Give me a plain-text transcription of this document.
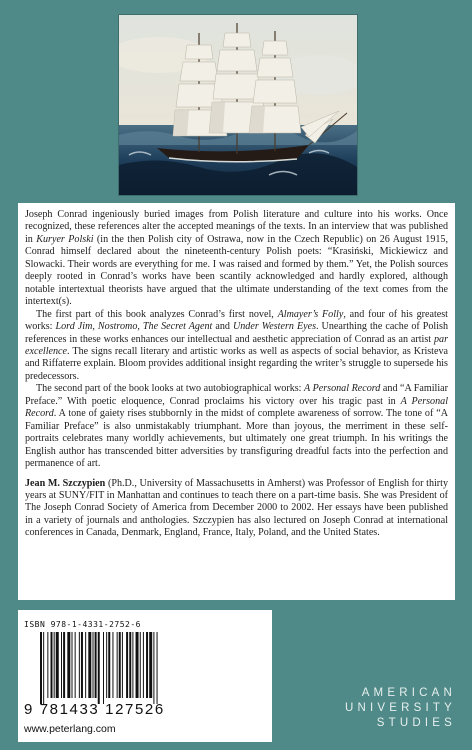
Joseph Conrad ingeniously buried images from Polish literature and culture into his works. Once recognized, these references alter the accepted meanings of the texts. In an interview that was published in Kuryer Polski (in the then Polish city of Ostrawa, now in the Czech Republic) on 26 August 1915, Conrad himself declared about the nineteenth-century Polish poets: “Krasiński, Mickiewicz and Slowacki. Their words are everything for me. I was raised and formed by them.” Yet, the Polish sources deeply rooted in Conrad’s works have been scantily acknowledged and hardly explored, although notable intertextual theorists have argued that the ultimate understanding of the text comes from the intertext(s).

The first part of this book analyzes Conrad’s first novel, Almayer’s Folly, and four of his greatest works: Lord Jim, Nostromo, The Secret Agent and Under Western Eyes. Unearthing the cache of Polish references in these works enhances our intellectual and aesthetic appreciation of Conrad as an artist par excellence. The signs recall literary and artistic works as well as aspects of social behavior, as Kristeva and Riffaterre explain. Bloom provides additional insight regarding the writer’s struggle to supersede his predecessors.

The second part of the book looks at two autobiographical works: A Personal Record and “A Familiar Preface.” With poetic eloquence, Conrad proclaims his victory over his tragic past in A Personal Record. A tone of gaiety rises stubbornly in the midst of complete awareness of sorrow. The tone of “A Familiar Preface” is also unmistakably triumphant. More than joyous, the merriment in these self-portraits celebrates many worldly achievements, but ultimately one great triumph. In his writings the English author has transcended bitter adversities by transfiguring dreadful facts into the perfection and permanence of art.

Jean M. Szczypien (Ph.D., University of Massachusetts in Amherst) was Professor of English for thirty years at SUNY/FIT in Manhattan and continues to teach there on a part-time basis. She was President of The Joseph Conrad Society of America from December 2000 to 2002. Her essays have been published in a variety of journals and anthologies. Szczypien has also lectured on Joseph Conrad at international conferences in Canada, Denmark, England, France, Italy, Poland, and the United States.

ISBN 978-1-4331-2752-6
9 781433 127526
www.peterlang.com
AMERICAN
UNIVERSITY
STUDIES
